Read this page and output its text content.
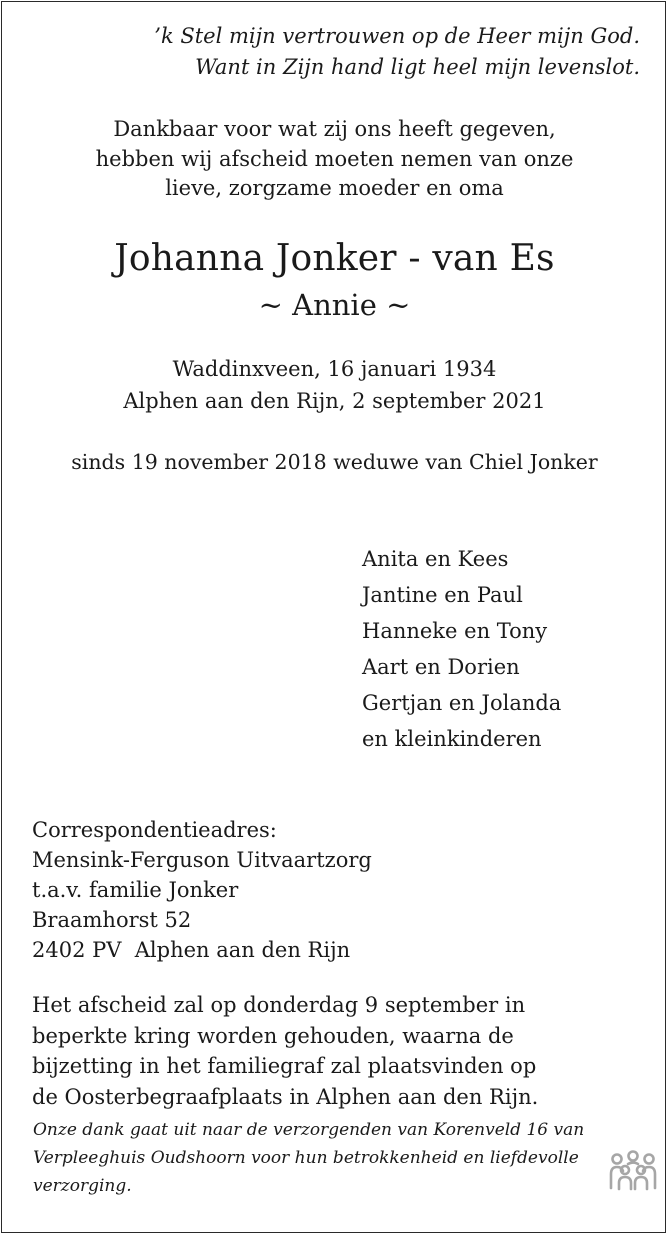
’k Stel mijn vertrouwen op de Heer mijn God.
Want in Zijn hand ligt heel mijn levenslot.
Dankbaar voor wat zij ons heeft gegeven,
hebben wij afscheid moeten nemen van onze
lieve, zorgzame moeder en oma
Johanna Jonker - van Es
~ Annie ~
Waddinxveen, 16 januari 1934
Alphen aan den Rijn, 2 september 2021
sinds 19 november 2018 weduwe van Chiel Jonker
Anita en Kees
Jantine en Paul
Hanneke en Tony
Aart en Dorien
Gertjan en Jolanda
en kleinkinderen
Correspondentieadres:
Mensink-Ferguson Uitvaartzorg
t.a.v. familie Jonker
Braamhorst 52
2402 PV  Alphen aan den Rijn
Het afscheid zal op donderdag 9 september in
beperkte kring worden gehouden, waarna de
bijzetting in het familiegraf zal plaatsvinden op
de Oosterbegraafplaats in Alphen aan den Rijn.
Onze dank gaat uit naar de verzorgenden van Korenveld 16 van
Verpleeghuis Oudshoorn voor hun betrokkenheid en liefdevolle
verzorging.
